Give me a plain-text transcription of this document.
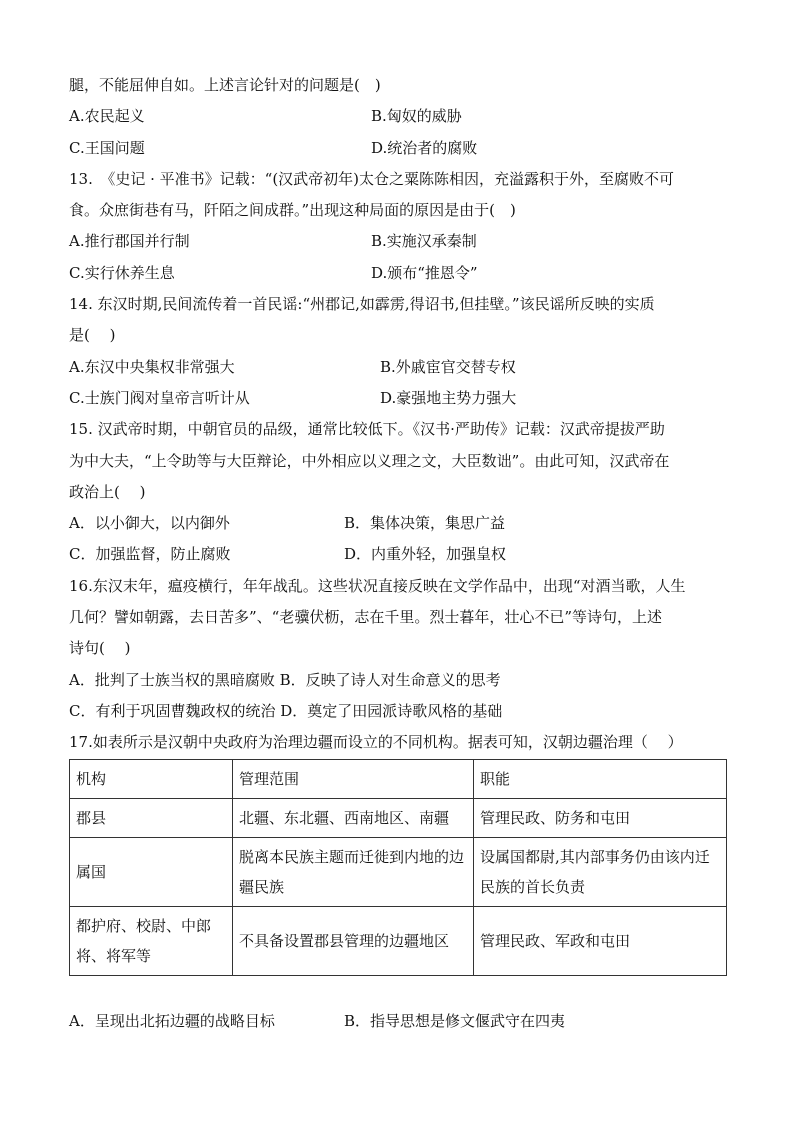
腿，不能屈伸自如。上述言论针对的问题是(　)
A.农民起义	B.匈奴的威胁
C.王国问题	D.统治者的腐败
13.　《史记 · 平准书》记载：“(汉武帝初年)太仓之粟陈陈相因，充溢露积于外，至腐败不可
食。众庶街巷有马，阡陌之间成群。”出现这种局面的原因是由于(　)
A.推行郡国并行制	B.实施汉承秦制
C.实行休养生息	D.颁布“推恩令”
14. 东汉时期,民间流传着一首民谣:“州郡记,如霹雳,得诏书,但挂壁。”该民谣所反映的实质
是(　 )
A.东汉中央集权非常强大	B.外戚宦官交替专权
C.士族门阀对皇帝言听计从	D.豪强地主势力强大
15. 汉武帝时期，中朝官员的品级，通常比较低下。《汉书·严助传》记载：汉武帝提拔严助
为中大夫，“上令助等与大臣辩论，中外相应以义理之文，大臣数诎”。由此可知，汉武帝在
政治上(　 )
A．以小御大，以内御外	B．集体决策，集思广益
C．加强监督，防止腐败	D．内重外轻，加强皇权
16.东汉末年，瘟疫横行，年年战乱。这些状况直接反映在文学作品中，出现“对酒当歌，人生
几何？譬如朝露，去日苦多”、“老骥伏枥，志在千里。烈士暮年，壮心不已”等诗句，上述
诗句(　 )
A．批判了士族当权的黑暗腐败 B．反映了诗人对生命意义的思考
C．有利于巩固曹魏政权的统治 D．奠定了田园派诗歌风格的基础
17.如表所示是汉朝中央政府为治理边疆而设立的不同机构。据表可知，汉朝边疆治理（　 ）
机构	管理范围	职能
郡县	北疆、东北疆、西南地区、南疆	管理民政、防务和屯田
属国	脱离本民族主题而迁徙到内地的边疆民族	设属国都尉,其内部事务仍由该内迁民族的首长负责
都护府、校尉、中郎将、将军等	不具备设置郡县管理的边疆地区	管理民政、军政和屯田
A．呈现出北拓边疆的战略目标	B．指导思想是修文偃武守在四夷
